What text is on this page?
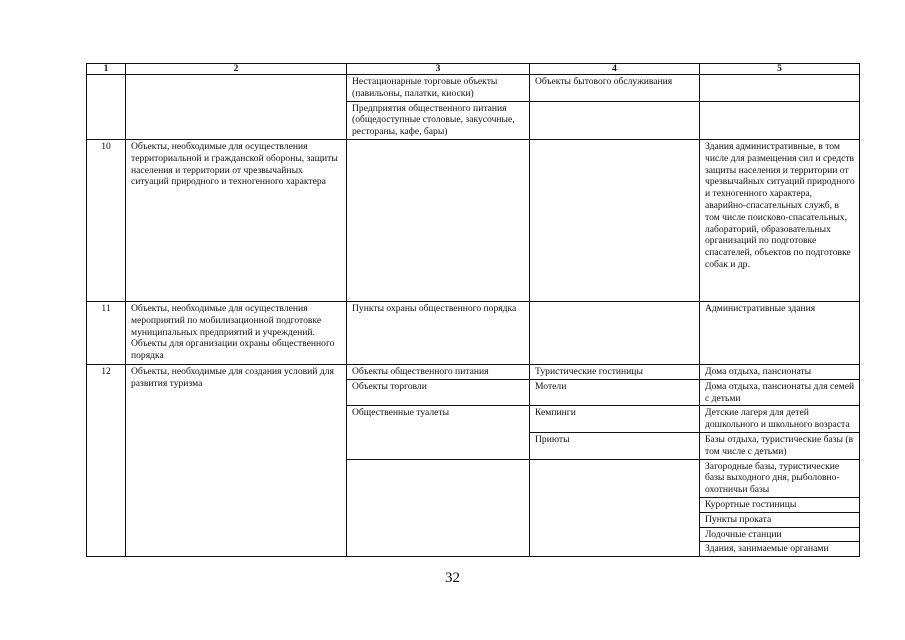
1	2	3	4	5
		Нестационарные торговые объекты (павильоны, палатки, киоски)	Объекты бытового обслуживания	
		Предприятия общественного питания (общедоступные столовые, закусочные, рестораны, кафе, бары)		
10	Объекты, необходимые для осуществления территориальной и гражданской обороны, защиты населения и территории от чрезвычайных ситуаций природного и техногенного характера			Здания административные, в том числе для размещения сил и средств защиты населения и территории от чрезвычайных ситуаций природного и техногенного характера, аварийно-спасательных служб, в том числе поисково-спасательных, лабораторий, образовательных организаций по подготовке спасателей, объектов по подготовке собак и др.
11	Объекты, необходимые для осуществления мероприятий по мобилизационной подготовке муниципальных предприятий и учреждений. Объекты для организации охраны общественного порядка	Пункты охраны общественного порядка		Административные здания
12	Объекты, необходимые для создания условий для развития туризма	Объекты общественного питания	Туристические гостиницы	Дома отдыха, пансионаты
		Объекты торговли	Мотели	Дома отдыха, пансионаты для семей с детьми
		Общественные туалеты	Кемпинги	Детские лагеря для детей дошкольного и школьного возраста
			Приюты	Базы отдыха, туристические базы (в том числе с детьми)
				Загородные базы, туристические базы выходного дня, рыболовно-охотничьи базы
				Курортные гостиницы
				Пункты проката
				Лодочные станции
				Здания, занимаемые органами
32
